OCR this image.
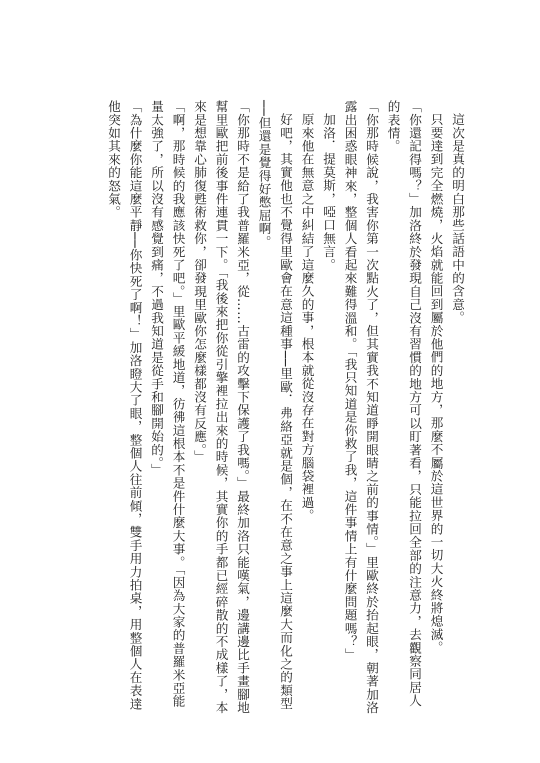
這次是真的明白那些話語中的含意。

只要達到完全燃燒，火焰就能回到屬於他們的地方，那麼不屬於這世界的一切大火終將熄滅。

「你還記得嗎？」加洛終於發現自己沒有習慣的地方可以盯著看，只能拉回全部的注意力，去觀察同居人的表情。

「你那時候說，我害你第一次點火了，但其實我不知道睜開眼睛之前的事情。」里歐終於抬起眼，朝著加洛露出困惑眼神來，整個人看起來難得溫和。「我只知道是你救了我，這件事情上有什麼問題嗎？」

加洛．提莫斯，啞口無言。

原來他在無意之中糾結了這麼久的事，根本就從沒存在對方腦袋裡過。

好吧，其實他也不覺得里歐會在意這種事──里歐．弗絡亞就是個，在不在意之事上這麼大而化之的類型──但還是覺得好憋屈啊。

「你那時不是給了我普羅米亞，從……古雷的攻擊下保護了我嗎。」最終加洛只能嘆氣，邊講邊比手畫腳地幫里歐把前後事件連貫一下。「我後來把你從引擎裡拉出來的時候，其實你的手都已經碎散的不成樣了，本來是想靠心肺復甦術救你，卻發現里歐你怎麼樣都沒有反應。」

「啊，那時候的我應該快死了吧。」里歐平緩地道，彷彿這根本不是件什麼大事。「因為大家的普羅米亞能量太強了，所以沒有感覺到痛，不過我知道是從手和腳開始的。」

「為什麼你能這麼平靜──你快死了啊！」加洛瞪大了眼，整個人往前傾，雙手用力拍桌，用整個人在表達他突如其來的怒氣。
